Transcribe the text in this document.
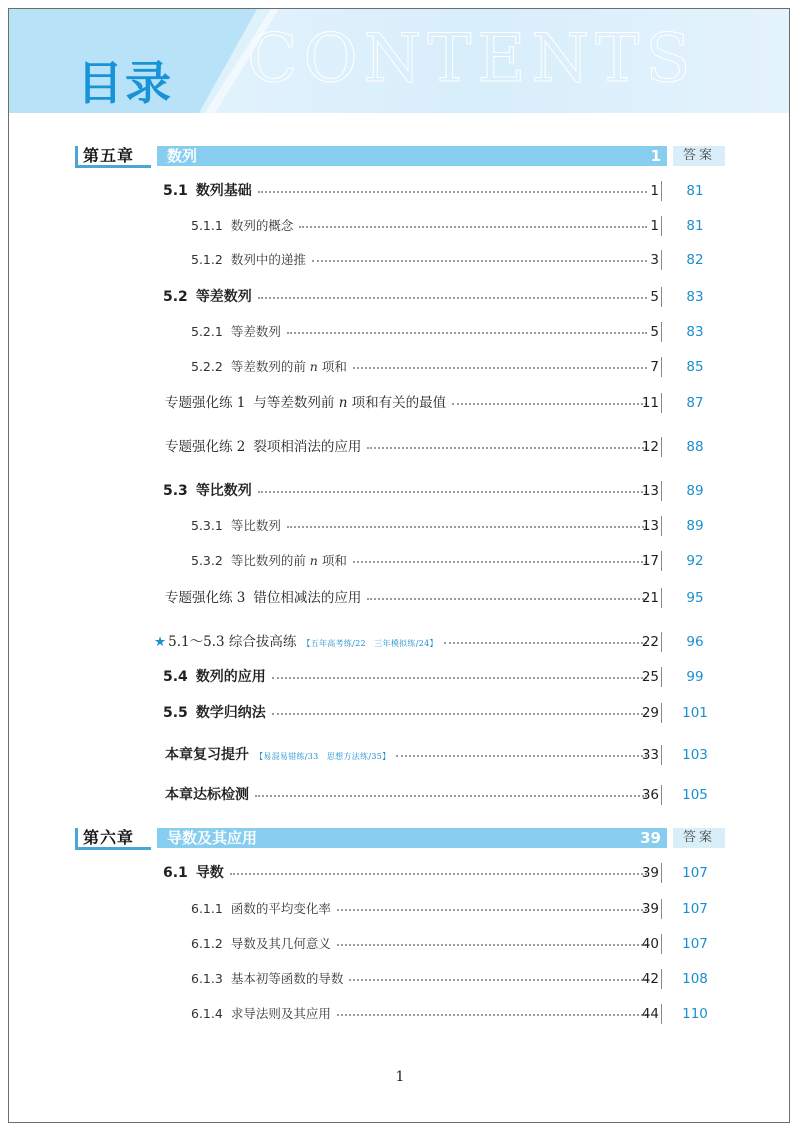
CONTENTS
目录
第五章 数列	1	答案
5.1 数列基础	1	81
5.1.1 数列的概念	1	81
5.1.2 数列中的递推	3	82
5.2 等差数列	5	83
5.2.1 等差数列	5	83
5.2.2 等差数列的前 n 项和	7	85
专题强化练 1 与等差数列前 n 项和有关的最值	11	87
专题强化练 2 裂项相消法的应用	12	88
5.3 等比数列	13	89
5.3.1 等比数列	13	89
5.3.2 等比数列的前 n 项和	17	92
专题强化练 3 错位相减法的应用	21	95
★ 5.1～5.3 综合拔高练 【五年高考练/22　三年模拟练/24】	22	96
5.4 数列的应用	25	99
5.5 数学归纳法	29	101
本章复习提升 【易混易错练/33　思想方法练/35】	33	103
本章达标检测	36	105
第六章 导数及其应用	39	答案
6.1 导数	39	107
6.1.1 函数的平均变化率	39	107
6.1.2 导数及其几何意义	40	107
6.1.3 基本初等函数的导数	42	108
6.1.4 求导法则及其应用	44	110
1
